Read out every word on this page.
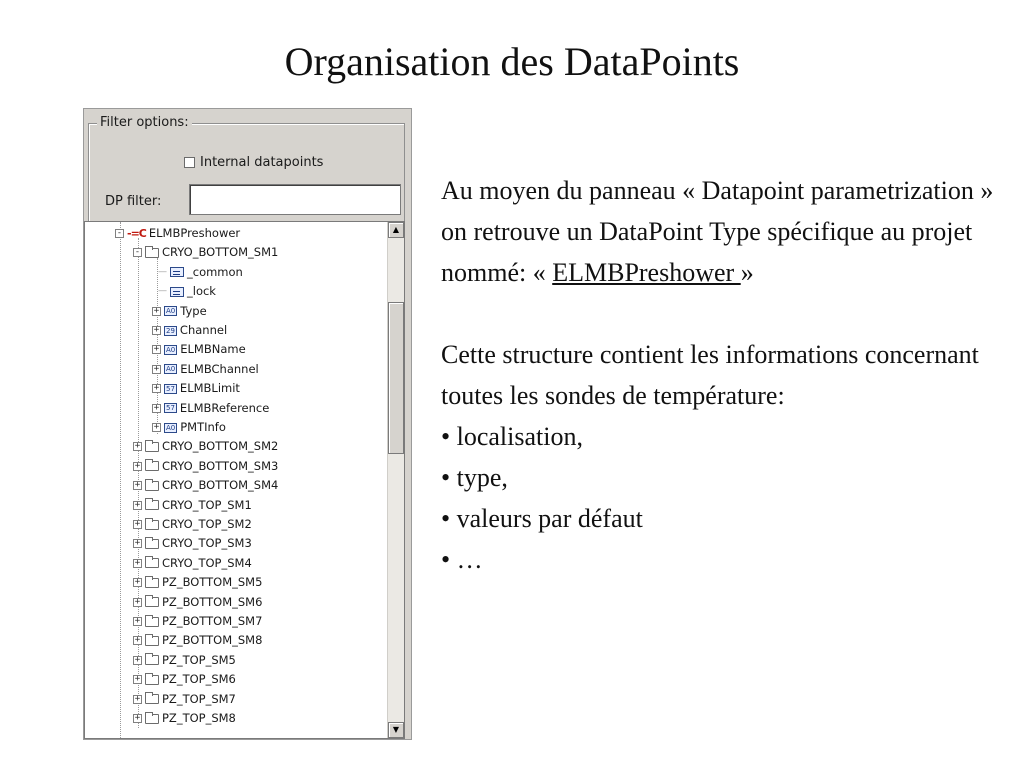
Organisation des DataPoints
Filter options:
Internal datapoints
DP filter:
- -=C ELMBPreshower
- CRYO_BOTTOM_SM1
— _common
— _lock
+ A0 Type
+ 29 Channel
+ A0 ELMBName
+ A0 ELMBChannel
+ 57 ELMBLimit
+ 57 ELMBReference
+ A0 PMTInfo
+ CRYO_BOTTOM_SM2
+ CRYO_BOTTOM_SM3
+ CRYO_BOTTOM_SM4
+ CRYO_TOP_SM1
+ CRYO_TOP_SM2
+ CRYO_TOP_SM3
+ CRYO_TOP_SM4
+ PZ_BOTTOM_SM5
+ PZ_BOTTOM_SM6
+ PZ_BOTTOM_SM7
+ PZ_BOTTOM_SM8
+ PZ_TOP_SM5
+ PZ_TOP_SM6
+ PZ_TOP_SM7
+ PZ_TOP_SM8
▲
▼

Au moyen du panneau « Datapoint parametrization » on retrouve un DataPoint Type spécifique au projet nommé: « ELMBPreshower »

Cette structure contient les informations concernant toutes les sondes de température:

• localisation,

• type,

• valeurs par défaut

• …
